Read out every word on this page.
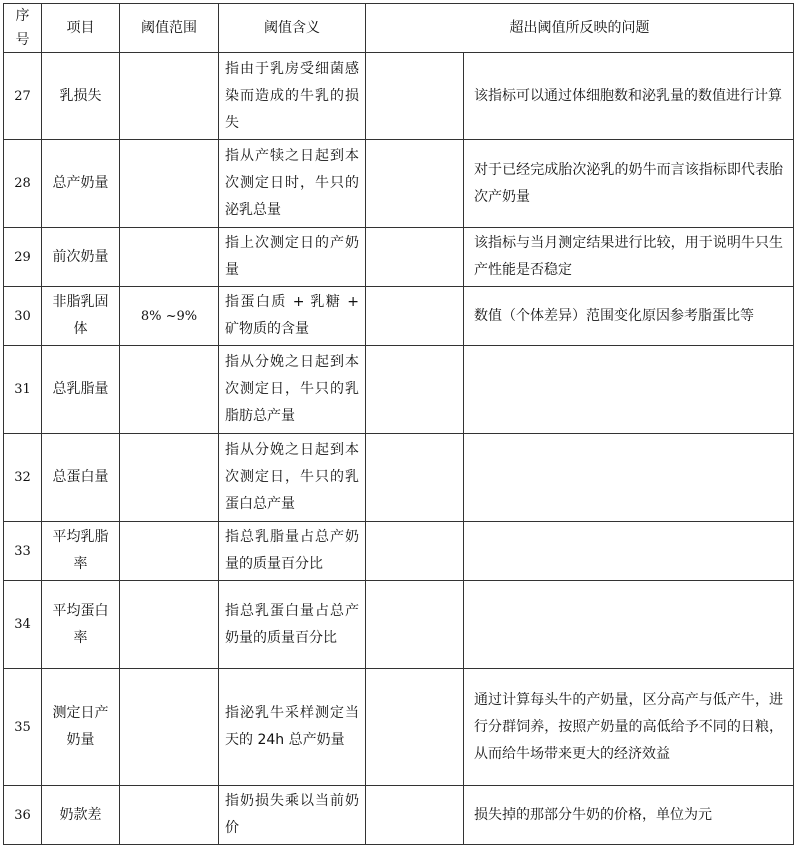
序号	项目	阈值范围	阈值含义	超出阈值所反映的问题	
27	乳损失		指由于乳房受细菌感染而造成的牛乳的损失		该指标可以通过体细胞数和泌乳量的数值进行计算
28	总产奶量		指从产犊之日起到本次测定日时，牛只的泌乳总量		对于已经完成胎次泌乳的奶牛而言该指标即代表胎次产奶量
29	前次奶量		指上次测定日的产奶量		该指标与当月测定结果进行比较，用于说明牛只生产性能是否稳定
30	非脂乳固体	8% ~9%	指蛋白质 + 乳糖 + 矿物质的含量		数值（个体差异）范围变化原因参考脂蛋比等
31	总乳脂量		指从分娩之日起到本次测定日，牛只的乳脂肪总产量		
32	总蛋白量		指从分娩之日起到本次测定日，牛只的乳蛋白总产量		
33	平均乳脂率		指总乳脂量占总产奶量的质量百分比		
34	平均蛋白率		指总乳蛋白量占总产奶量的质量百分比		
35	测定日产奶量		指泌乳牛采样测定当天的 24h 总产奶量		通过计算每头牛的产奶量，区分高产与低产牛，进行分群饲养，按照产奶量的高低给予不同的日粮，从而给牛场带来更大的经济效益
36	奶款差		指奶损失乘以当前奶价		损失掉的那部分牛奶的价格，单位为元
